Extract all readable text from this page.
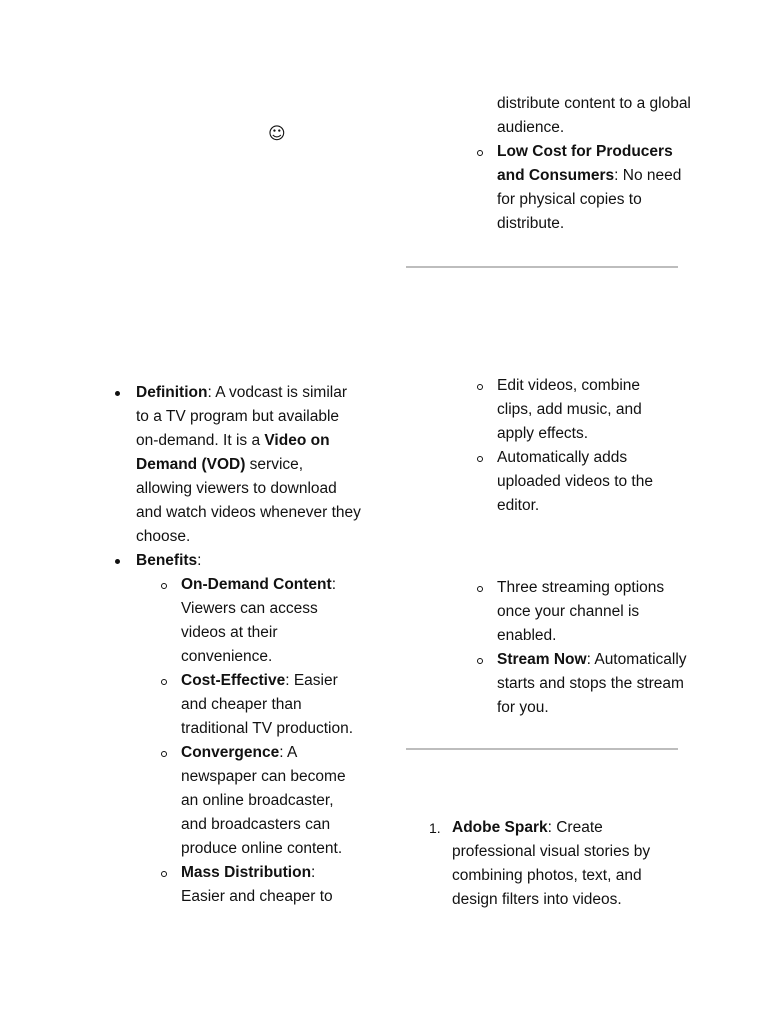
☺
distribute content to a global audience.
Low Cost for Producers and Consumers: No need for physical copies to distribute.
Definition: A vodcast is similar to a TV program but available on-demand. It is a Video on Demand (VOD) service, allowing viewers to download and watch videos whenever they choose.
Benefits:
On-Demand Content: Viewers can access videos at their convenience.
Cost-Effective: Easier and cheaper than traditional TV production.
Convergence: A newspaper can become an online broadcaster, and broadcasters can produce online content.
Mass Distribution: Easier and cheaper to
Edit videos, combine clips, add music, and apply effects.
Automatically adds uploaded videos to the editor.
Three streaming options once your channel is enabled.
Stream Now: Automatically starts and stops the stream for you.
1. Adobe Spark: Create professional visual stories by combining photos, text, and design filters into videos.
